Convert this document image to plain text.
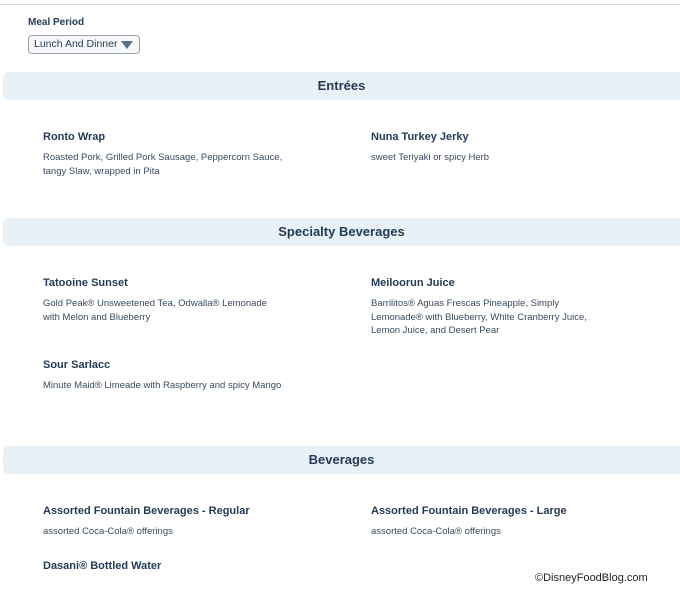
Meal Period
Lunch And Dinner
Entrées
Ronto Wrap
Roasted Pork, Grilled Pork Sausage, Peppercorn Sauce, tangy Slaw, wrapped in Pita
Nuna Turkey Jerky
sweet Teriyaki or spicy Herb
Specialty Beverages
Tatooine Sunset
Gold Peak® Unsweetened Tea, Odwalla® Lemonade with Melon and Blueberry
Meiloorun Juice
Barrilitos® Aguas Frescas Pineapple, Simply Lemonade® with Blueberry, White Cranberry Juice, Lemon Juice, and Desert Pear
Sour Sarlacc
Minute Maid® Limeade with Raspberry and spicy Mango
Beverages
Assorted Fountain Beverages - Regular
assorted Coca-Cola® offerings
Assorted Fountain Beverages - Large
assorted Coca-Cola® offerings
Dasani® Bottled Water
©DisneyFoodBlog.com
